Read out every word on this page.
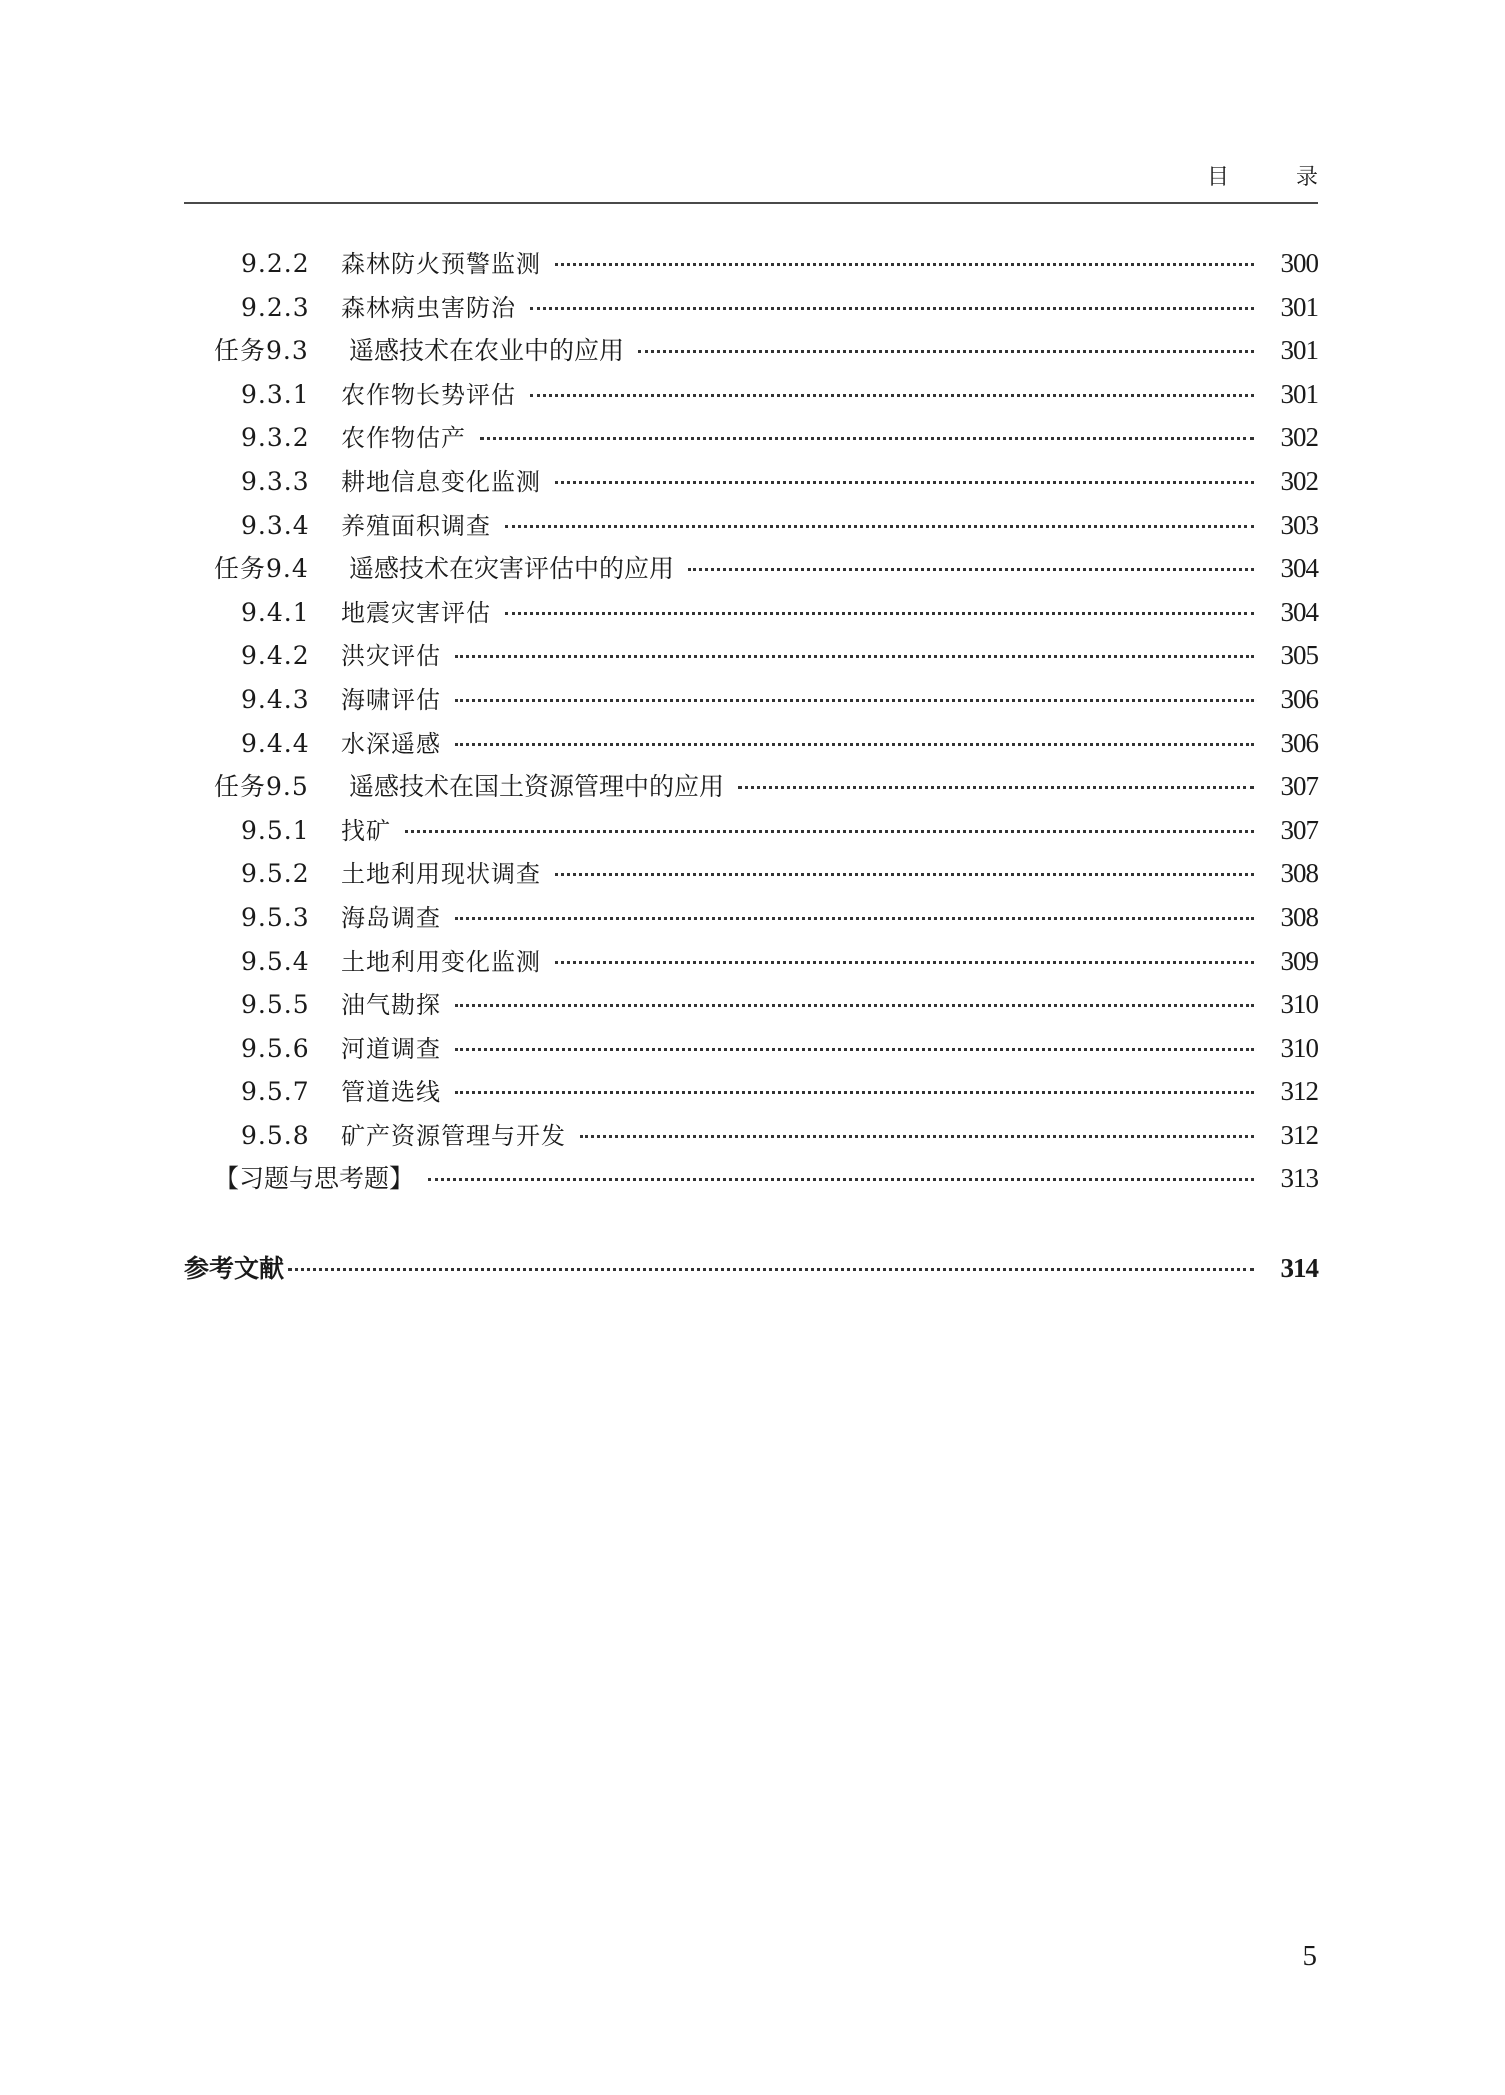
目 录
9.2.2	森林防火预警监测	300
9.2.3	森林病虫害防治	301
任务9.3	遥感技术在农业中的应用	301
9.3.1	农作物长势评估	301
9.3.2	农作物估产	302
9.3.3	耕地信息变化监测	302
9.3.4	养殖面积调查	303
任务9.4	遥感技术在灾害评估中的应用	304
9.4.1	地震灾害评估	304
9.4.2	洪灾评估	305
9.4.3	海啸评估	306
9.4.4	水深遥感	306
任务9.5	遥感技术在国土资源管理中的应用	307
9.5.1	找矿	307
9.5.2	土地利用现状调查	308
9.5.3	海岛调查	308
9.5.4	土地利用变化监测	309
9.5.5	油气勘探	310
9.5.6	河道调查	310
9.5.7	管道选线	312
9.5.8	矿产资源管理与开发	312
【习题与思考题】	313
参考文献	314
5
